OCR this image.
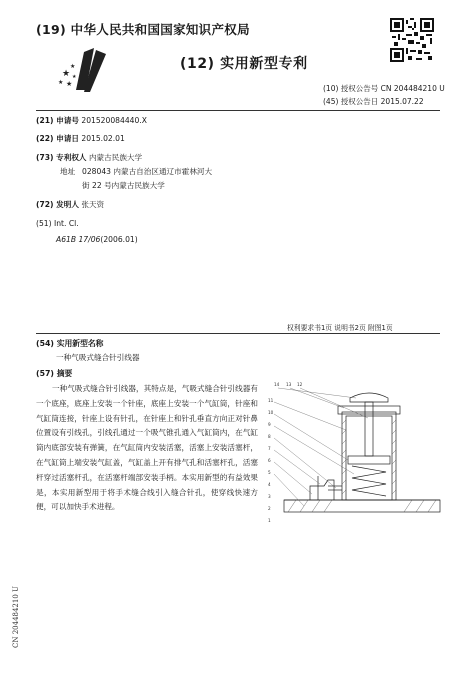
(19) 中华人民共和国国家知识产权局
★
★
★
★
★
(12) 实用新型专利
(10) 授权公告号 CN 204484210 U
(45) 授权公告日 2015.07.22
(21) 申请号 201520084440.X
(22) 申请日 2015.02.01
(73) 专利权人 内蒙古民族大学
地址 028043 内蒙古自治区通辽市霍林河大
街 22 号内蒙古民族大学
(72) 发明人 张天资
(51) Int. Cl.
A61B 17/06(2006.01)
权利要求书1页 说明书2页 附图1页
(54) 实用新型名称
一种气吸式缝合针引线器
(57) 摘要
一种气吸式缝合针引线器，其特点是，气吸式缝合针引线器有一个底座，底座上安装一个针座，底座上安装一个气缸筒，针座和气缸筒连接，针座上设有针孔，在针座上和针孔垂直方向正对针鼻位置设有引线孔，引线孔通过一个吸气锥孔通入气缸筒内，在气缸筒内底部安装有弹簧，在气缸筒内安装活塞，活塞上安装活塞杆，在气缸筒上端安装气缸盖，气缸盖上开有排气孔和活塞杆孔，活塞杆穿过活塞杆孔，在活塞杆端部安装手柄。本实用新型的有益效果是，本实用新型用于将手术缝合线引入缝合针孔，使穿线快速方便，可以加快手术进程。
14 13 12
11
10
9
8
7
6
5
4
3
2
1
CN 204484210 U
